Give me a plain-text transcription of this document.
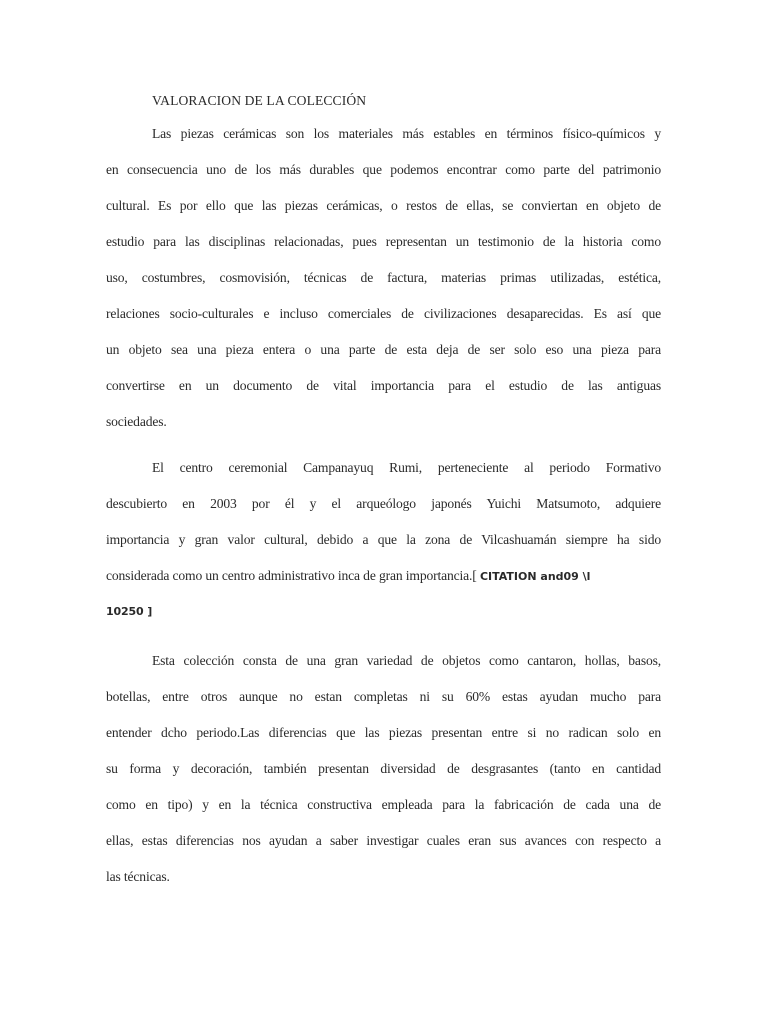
VALORACION DE LA COLECCIÓN
Las piezas cerámicas son los materiales más estables en términos físico-químicos y
en consecuencia uno de los más durables que podemos encontrar como parte del patrimonio
cultural. Es por ello que las piezas cerámicas, o restos de ellas, se conviertan en objeto de
estudio para las disciplinas relacionadas, pues representan un testimonio de la historia como
uso, costumbres, cosmovisión, técnicas de factura, materias primas utilizadas, estética,
relaciones socio-culturales e incluso comerciales de civilizaciones desaparecidas. Es así que
un objeto sea una pieza entera o una parte de esta deja de ser solo eso una pieza para
convertirse en un documento de vital importancia para el estudio de las antiguas
sociedades.
El centro ceremonial Campanayuq Rumi, perteneciente al periodo Formativo
descubierto en 2003 por él y el arqueólogo japonés Yuichi Matsumoto, adquiere
importancia y gran valor cultural, debido a que la zona de Vilcashuamán siempre ha sido
considerada como un centro administrativo inca de gran importancia.[ CITATION and09 \l
10250 ]
Esta colección consta de una gran variedad de objetos como cantaron, hollas, basos,
botellas, entre otros aunque no estan completas ni su 60% estas ayudan mucho para
entender dcho periodo.Las diferencias que las piezas presentan entre si no radican solo en
su forma y decoración, también presentan diversidad de desgrasantes (tanto en cantidad
como en tipo) y en la técnica constructiva empleada para la fabricación de cada una de
ellas, estas diferencias nos ayudan a saber investigar cuales eran sus avances con respecto a
las técnicas.
